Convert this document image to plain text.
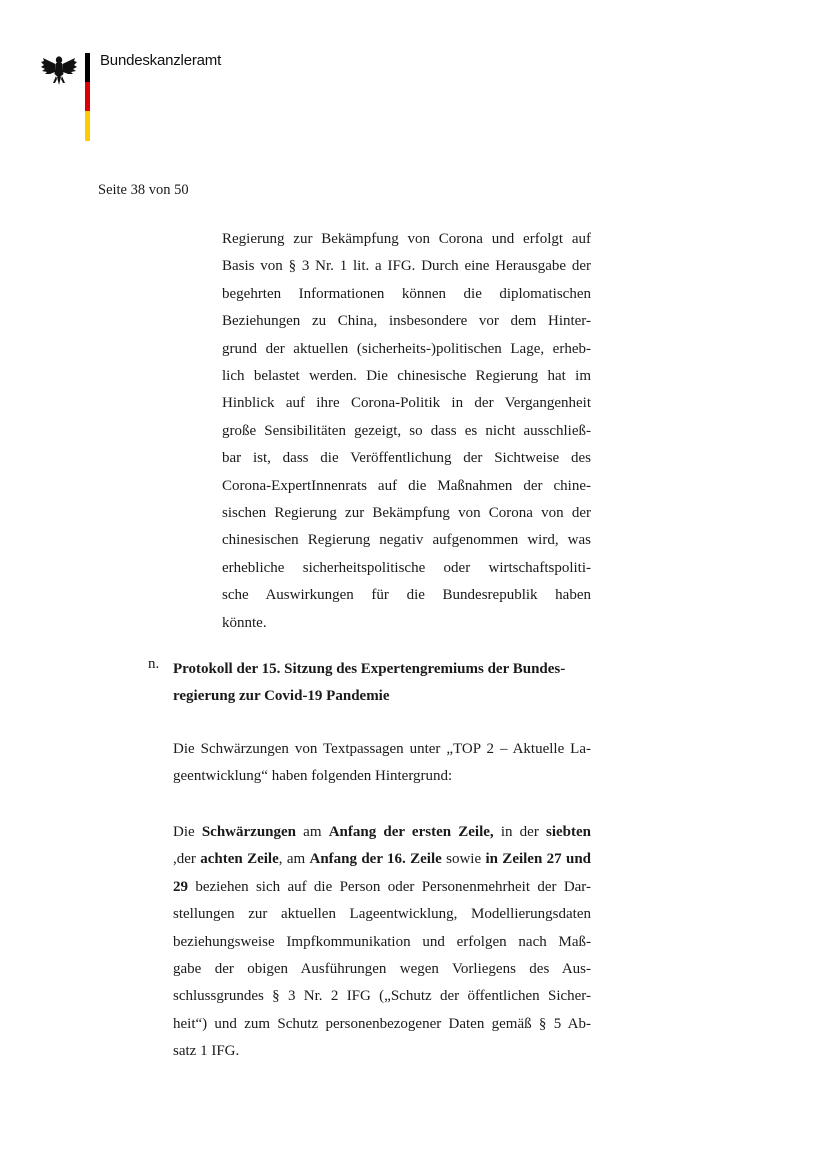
Bundeskanzleramt
Seite 38 von 50
Regierung zur Bekämpfung von Corona und erfolgt auf
Basis von § 3 Nr. 1 lit. a IFG. Durch eine Herausgabe der
begehrten Informationen können die diplomatischen
Beziehungen zu China, insbesondere vor dem Hinter-
grund der aktuellen (sicherheits-)politischen Lage, erheb-
lich belastet werden. Die chinesische Regierung hat im
Hinblick auf ihre Corona-Politik in der Vergangenheit
große Sensibilitäten gezeigt, so dass es nicht ausschließ-
bar ist, dass die Veröffentlichung der Sichtweise des
Corona-ExpertInnenrats auf die Maßnahmen der chine-
sischen Regierung zur Bekämpfung von Corona von der
chinesischen Regierung negativ aufgenommen wird, was
erhebliche sicherheitspolitische oder wirtschaftspoliti-
sche Auswirkungen für die Bundesrepublik haben
könnte.
n. Protokoll der 15. Sitzung des Expertengremiums der Bundes-
regierung zur Covid-19 Pandemie
Die Schwärzungen von Textpassagen unter „TOP 2 – Aktuelle La-
geentwicklung“ haben folgenden Hintergrund:
Die Schwärzungen am Anfang der ersten Zeile, in der siebten
,der achten Zeile, am Anfang der 16. Zeile sowie in Zeilen 27 und
29 beziehen sich auf die Person oder Personenmehrheit der Dar-
stellungen zur aktuellen Lageentwicklung, Modellierungsdaten
beziehungsweise Impfkommunikation und erfolgen nach Maß-
gabe der obigen Ausführungen wegen Vorliegens des Aus-
schlussgrundes § 3 Nr. 2 IFG („Schutz der öffentlichen Sicher-
heit“) und zum Schutz personenbezogener Daten gemäß § 5 Ab-
satz 1 IFG.
